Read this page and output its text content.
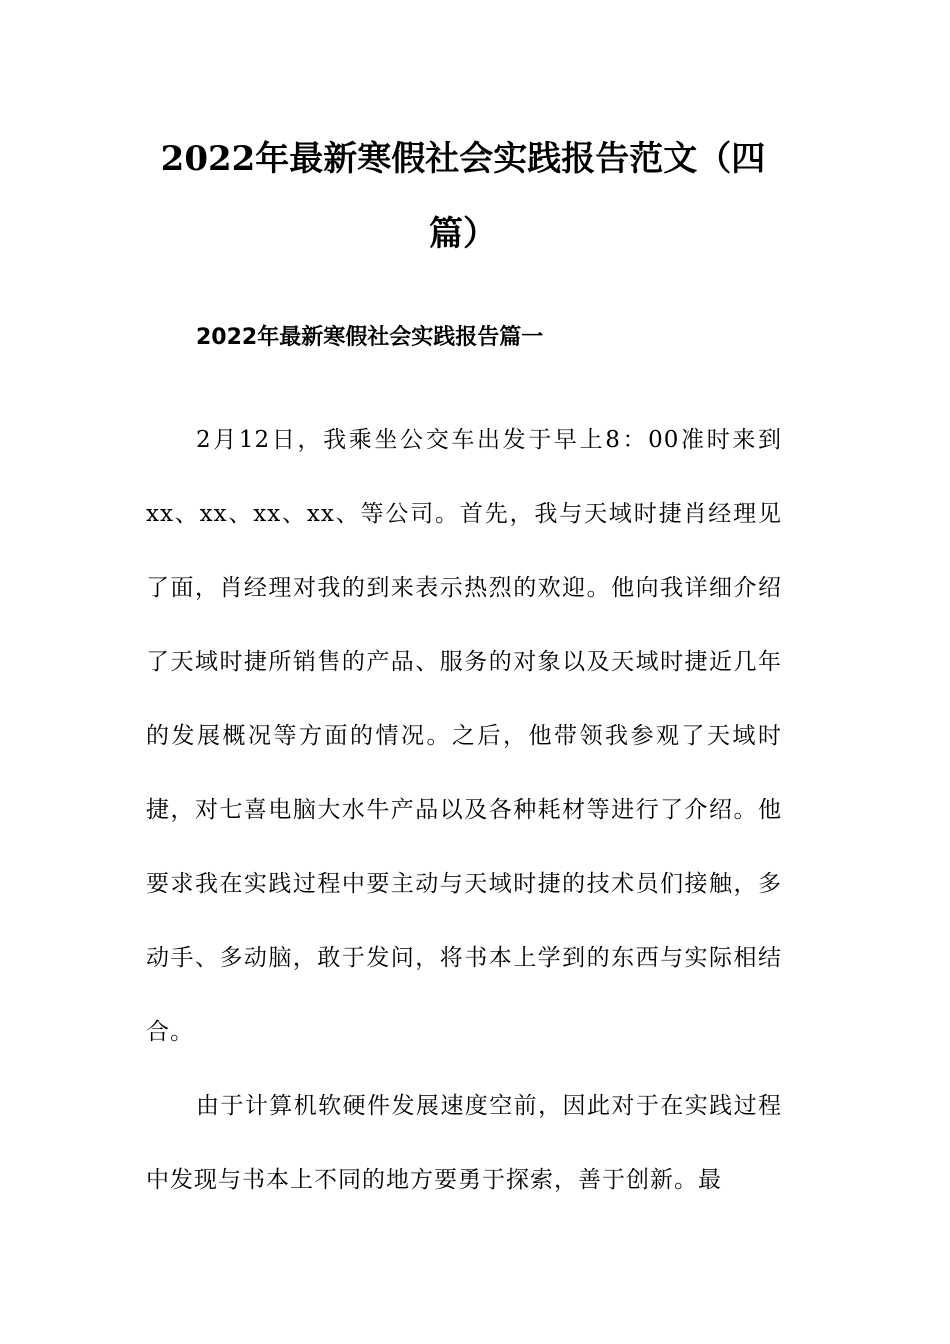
2022年最新寒假社会实践报告范文（四篇）
2022年最新寒假社会实践报告篇一

2月12日，我乘坐公交车出发于早上8：00准时来到xx、xx、xx、xx、等公司。首先，我与天域时捷肖经理见了面，肖经理对我的到来表示热烈的欢迎。他向我详细介绍了天域时捷所销售的产品、服务的对象以及天域时捷近几年的发展概况等方面的情况。之后，他带领我参观了天域时捷，对七喜电脑大水牛产品以及各种耗材等进行了介绍。他要求我在实践过程中要主动与天域时捷的技术员们接触，多动手、多动脑，敢于发问，将书本上学到的东西与实际相结合。

由于计算机软硬件发展速度空前，因此对于在实践过程中发现与书本上不同的地方要勇于探索，善于创新。最
